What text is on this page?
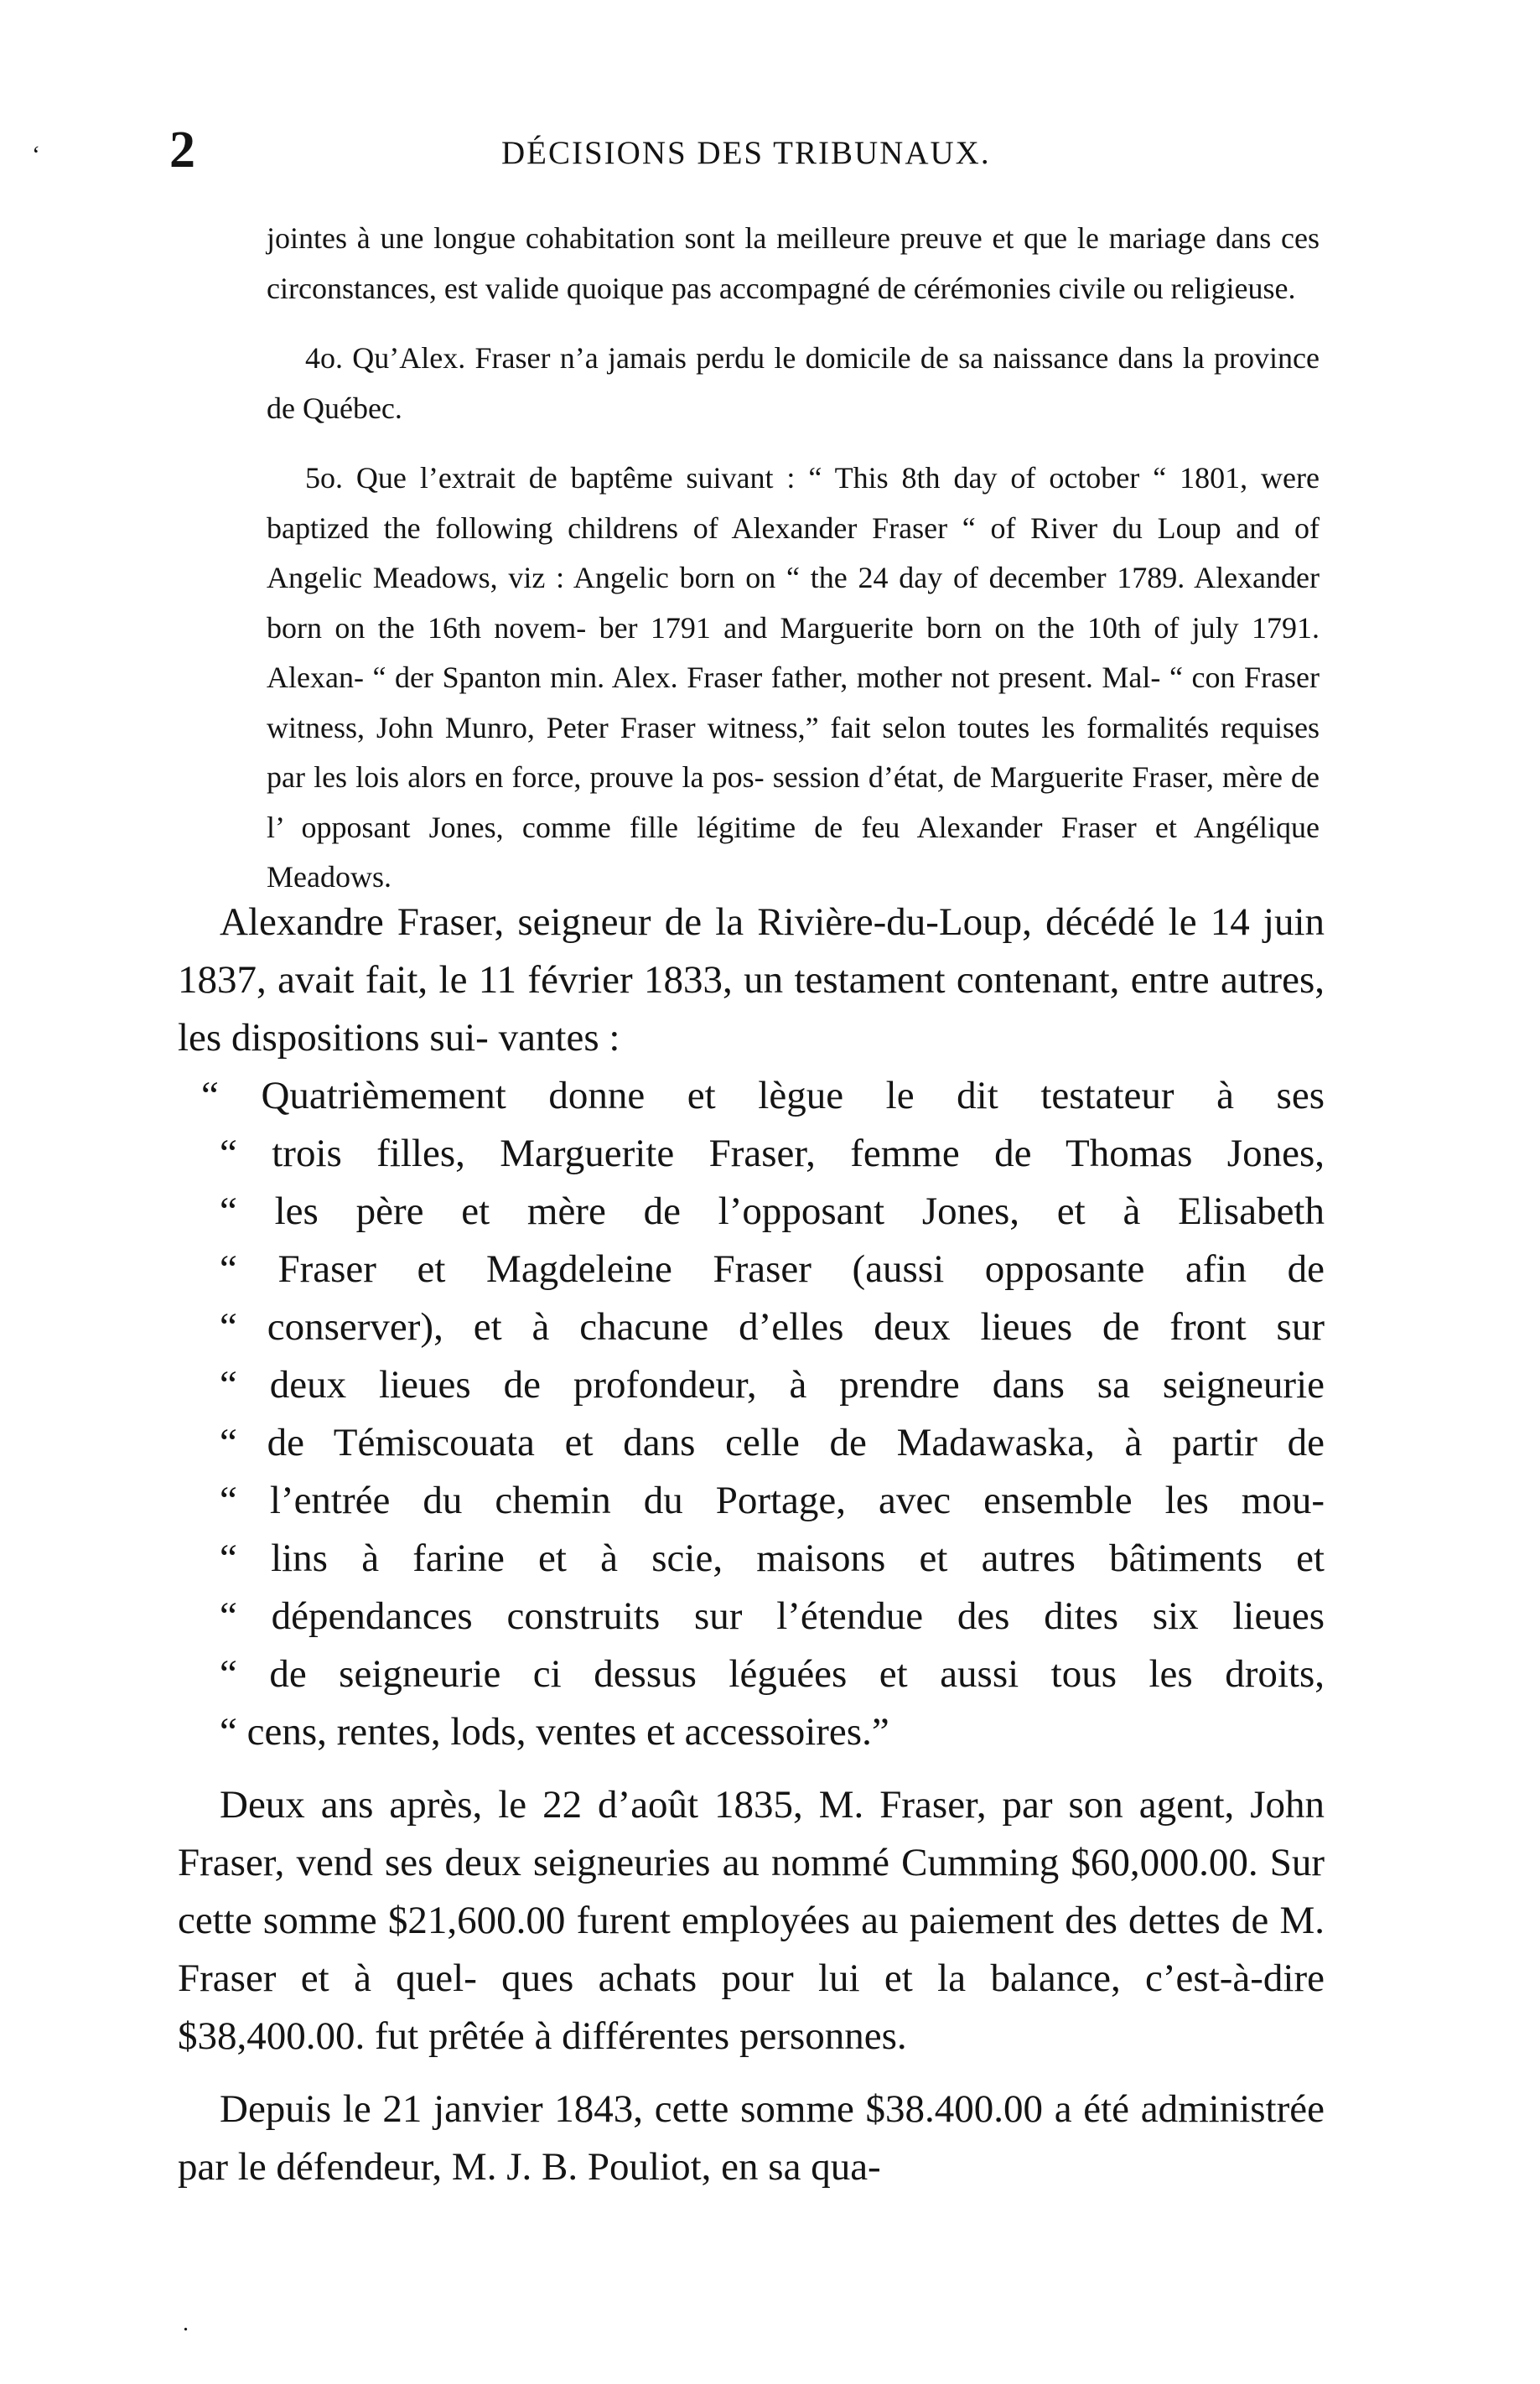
‘ 2	DÉCISIONS DES TRIBUNAUX.

jointes à une longue cohabitation sont la meilleure preuve et que le mariage dans ces circonstances, est valide quoique pas accompagné de cérémonies civile ou religieuse.

4o. Qu’Alex. Fraser n’a jamais perdu le domicile de sa naissance dans la province de Québec.

5o. Que l’extrait de baptême suivant : “ This 8th day of october “ 1801, were baptized the following childrens of Alexander Fraser “ of River du Loup and of Angelic Meadows, viz : Angelic born on “ the 24 day of december 1789. Alexander born on the 16th novem- ber 1791 and Marguerite born on the 10th of july 1791. Alexan- “ der Spanton min. Alex. Fraser father, mother not present. Mal- “ con Fraser witness, John Munro, Peter Fraser witness,” fait selon toutes les formalités requises par les lois alors en force, prouve la pos- session d’état, de Marguerite Fraser, mère de l’ opposant Jones, comme fille légitime de feu Alexander Fraser et Angélique Meadows.

Alexandre Fraser, seigneur de la Rivière-du-Loup, décédé le 14 juin 1837, avait fait, le 11 février 1833, un testament contenant, entre autres, les dispositions sui- vantes :

“ Quatrièmement donne et lègue le dit testateur à ses
“ trois filles, Marguerite Fraser, femme de Thomas Jones,
“ les père et mère de l’opposant Jones, et à Elisabeth
“ Fraser et Magdeleine Fraser (aussi opposante afin de
“ conserver), et à chacune d’elles deux lieues de front sur
“ deux lieues de profondeur, à prendre dans sa seigneurie
“ de Témiscouata et dans celle de Madawaska, à partir de
“ l’entrée du chemin du Portage, avec ensemble les mou-
“ lins à farine et à scie, maisons et autres bâtiments et
“ dépendances construits sur l’étendue des dites six lieues
“ de seigneurie ci dessus léguées et aussi tous les droits,
“ cens, rentes, lods, ventes et accessoires.”

Deux ans après, le 22 d’août 1835, M. Fraser, par son agent, John Fraser, vend ses deux seigneuries au nommé Cumming $60,000.00. Sur cette somme $21,600.00 furent employées au paiement des dettes de M. Fraser et à quel- ques achats pour lui et la balance, c’est-à-dire $38,400.00. fut prêtée à différentes personnes.

Depuis le 21 janvier 1843, cette somme $38.400.00 a été administrée par le défendeur, M. J. B. Pouliot, en sa qua-

.
